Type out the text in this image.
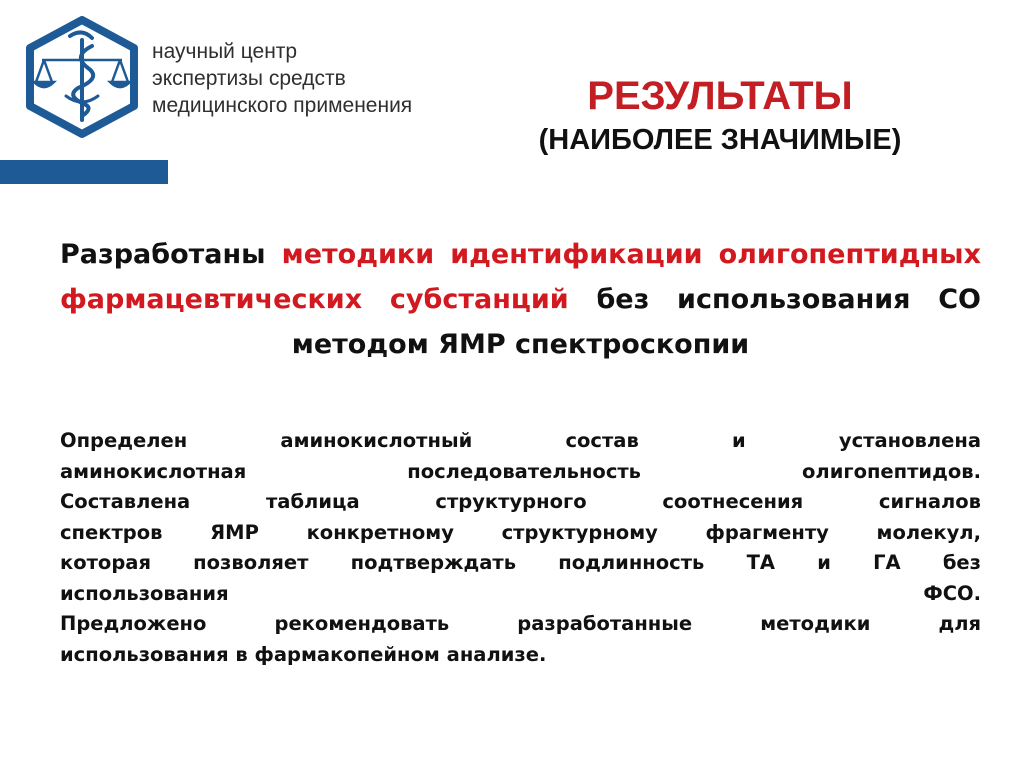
научный центр
экспертизы средств
медицинского применения	РЕЗУЛЬТАТЫ
(НАИБОЛЕЕ ЗНАЧИМЫЕ)
Разработаны методики идентификации олигопептидных фармацевтических субстанций без использования СО методом ЯМР спектроскопии
Определен аминокислотный состав и установлена
аминокислотная последовательность олигопептидов.
Составлена таблица структурного соотнесения сигналов
спектров ЯМР конкретному структурному фрагменту молекул,
которая позволяет подтверждать подлинность ТА и ГА без
использования ФСО.
Предложено рекомендовать разработанные методики для
использования в фармакопейном анализе.
